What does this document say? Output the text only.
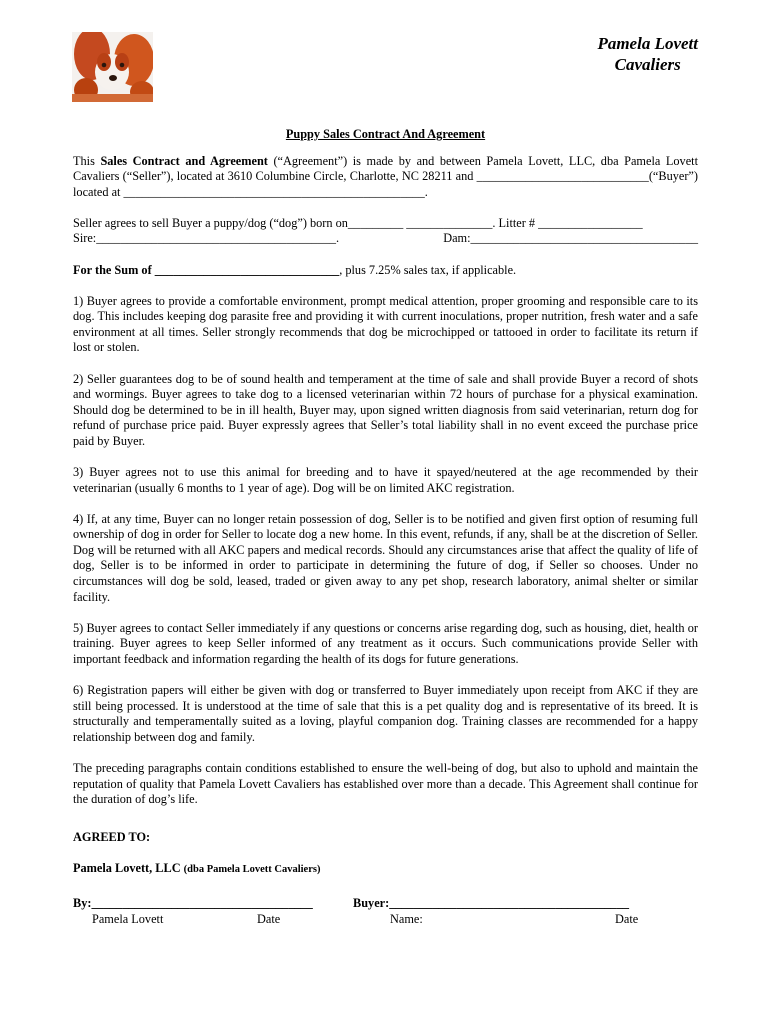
Pamela Lovett
Cavaliers
Puppy Sales Contract And Agreement

This Sales Contract and Agreement (“Agreement”) is made by and between Pamela Lovett, LLC, dba Pamela Lovett Cavaliers (“Seller”), located at 3610 Columbine Circle, Charlotte, NC 28211 and ____________________________(“Buyer”) located at _________________________________________________.

Seller agrees to sell Buyer a puppy/dog (“dog”) born on_________ ______________. Litter # _________________

Sire:_______________________________________.	Dam:_____________________________________

For the Sum of ______________________________, plus 7.25% sales tax, if applicable.

1) Buyer agrees to provide a comfortable environment, prompt medical attention, proper grooming and responsible care to its dog. This includes keeping dog parasite free and providing it with current inoculations, proper nutrition, fresh water and a safe environment at all times. Seller strongly recommends that dog be microchipped or tattooed in order to facilitate its return if lost or stolen.

2) Seller guarantees dog to be of sound health and temperament at the time of sale and shall provide Buyer a record of shots and wormings. Buyer agrees to take dog to a licensed veterinarian within 72 hours of purchase for a physical examination. Should dog be determined to be in ill health, Buyer may, upon signed written diagnosis from said veterinarian, return dog for refund of purchase price paid. Buyer expressly agrees that Seller’s total liability shall in no event exceed the purchase price paid by Buyer.

3) Buyer agrees not to use this animal for breeding and to have it spayed/neutered at the age recommended by their veterinarian (usually 6 months to 1 year of age). Dog will be on limited AKC registration.

4) If, at any time, Buyer can no longer retain possession of dog, Seller is to be notified and given first option of resuming full ownership of dog in order for Seller to locate dog a new home. In this event, refunds, if any, shall be at the discretion of Seller. Dog will be returned with all AKC papers and medical records. Should any circumstances arise that affect the quality of life of dog, Seller is to be informed in order to participate in determining the future of dog, if Seller so chooses. Under no circumstances will dog be sold, leased, traded or given away to any pet shop, research laboratory, animal shelter or similar facility.

5) Buyer agrees to contact Seller immediately if any questions or concerns arise regarding dog, such as housing, diet, health or training. Buyer agrees to keep Seller informed of any treatment as it occurs. Such communications provide Seller with important feedback and information regarding the health of its dogs for future generations.

6) Registration papers will either be given with dog or transferred to Buyer immediately upon receipt from AKC if they are still being processed. It is understood at the time of sale that this is a pet quality dog and is representative of its breed. It is structurally and temperamentally suited as a loving, playful companion dog. Training classes are recommended for a happy relationship between dog and family.

The preceding paragraphs contain conditions established to ensure the well-being of dog, but also to uphold and maintain the reputation of quality that Pamela Lovett Cavaliers has established over more than a decade. This Agreement shall continue for the duration of dog’s life.

AGREED TO:
Pamela Lovett, LLC (dba Pamela Lovett Cavaliers)
By:____________________________________	Buyer:_______________________________________
Pamela Lovett	Date	Name:	Date
